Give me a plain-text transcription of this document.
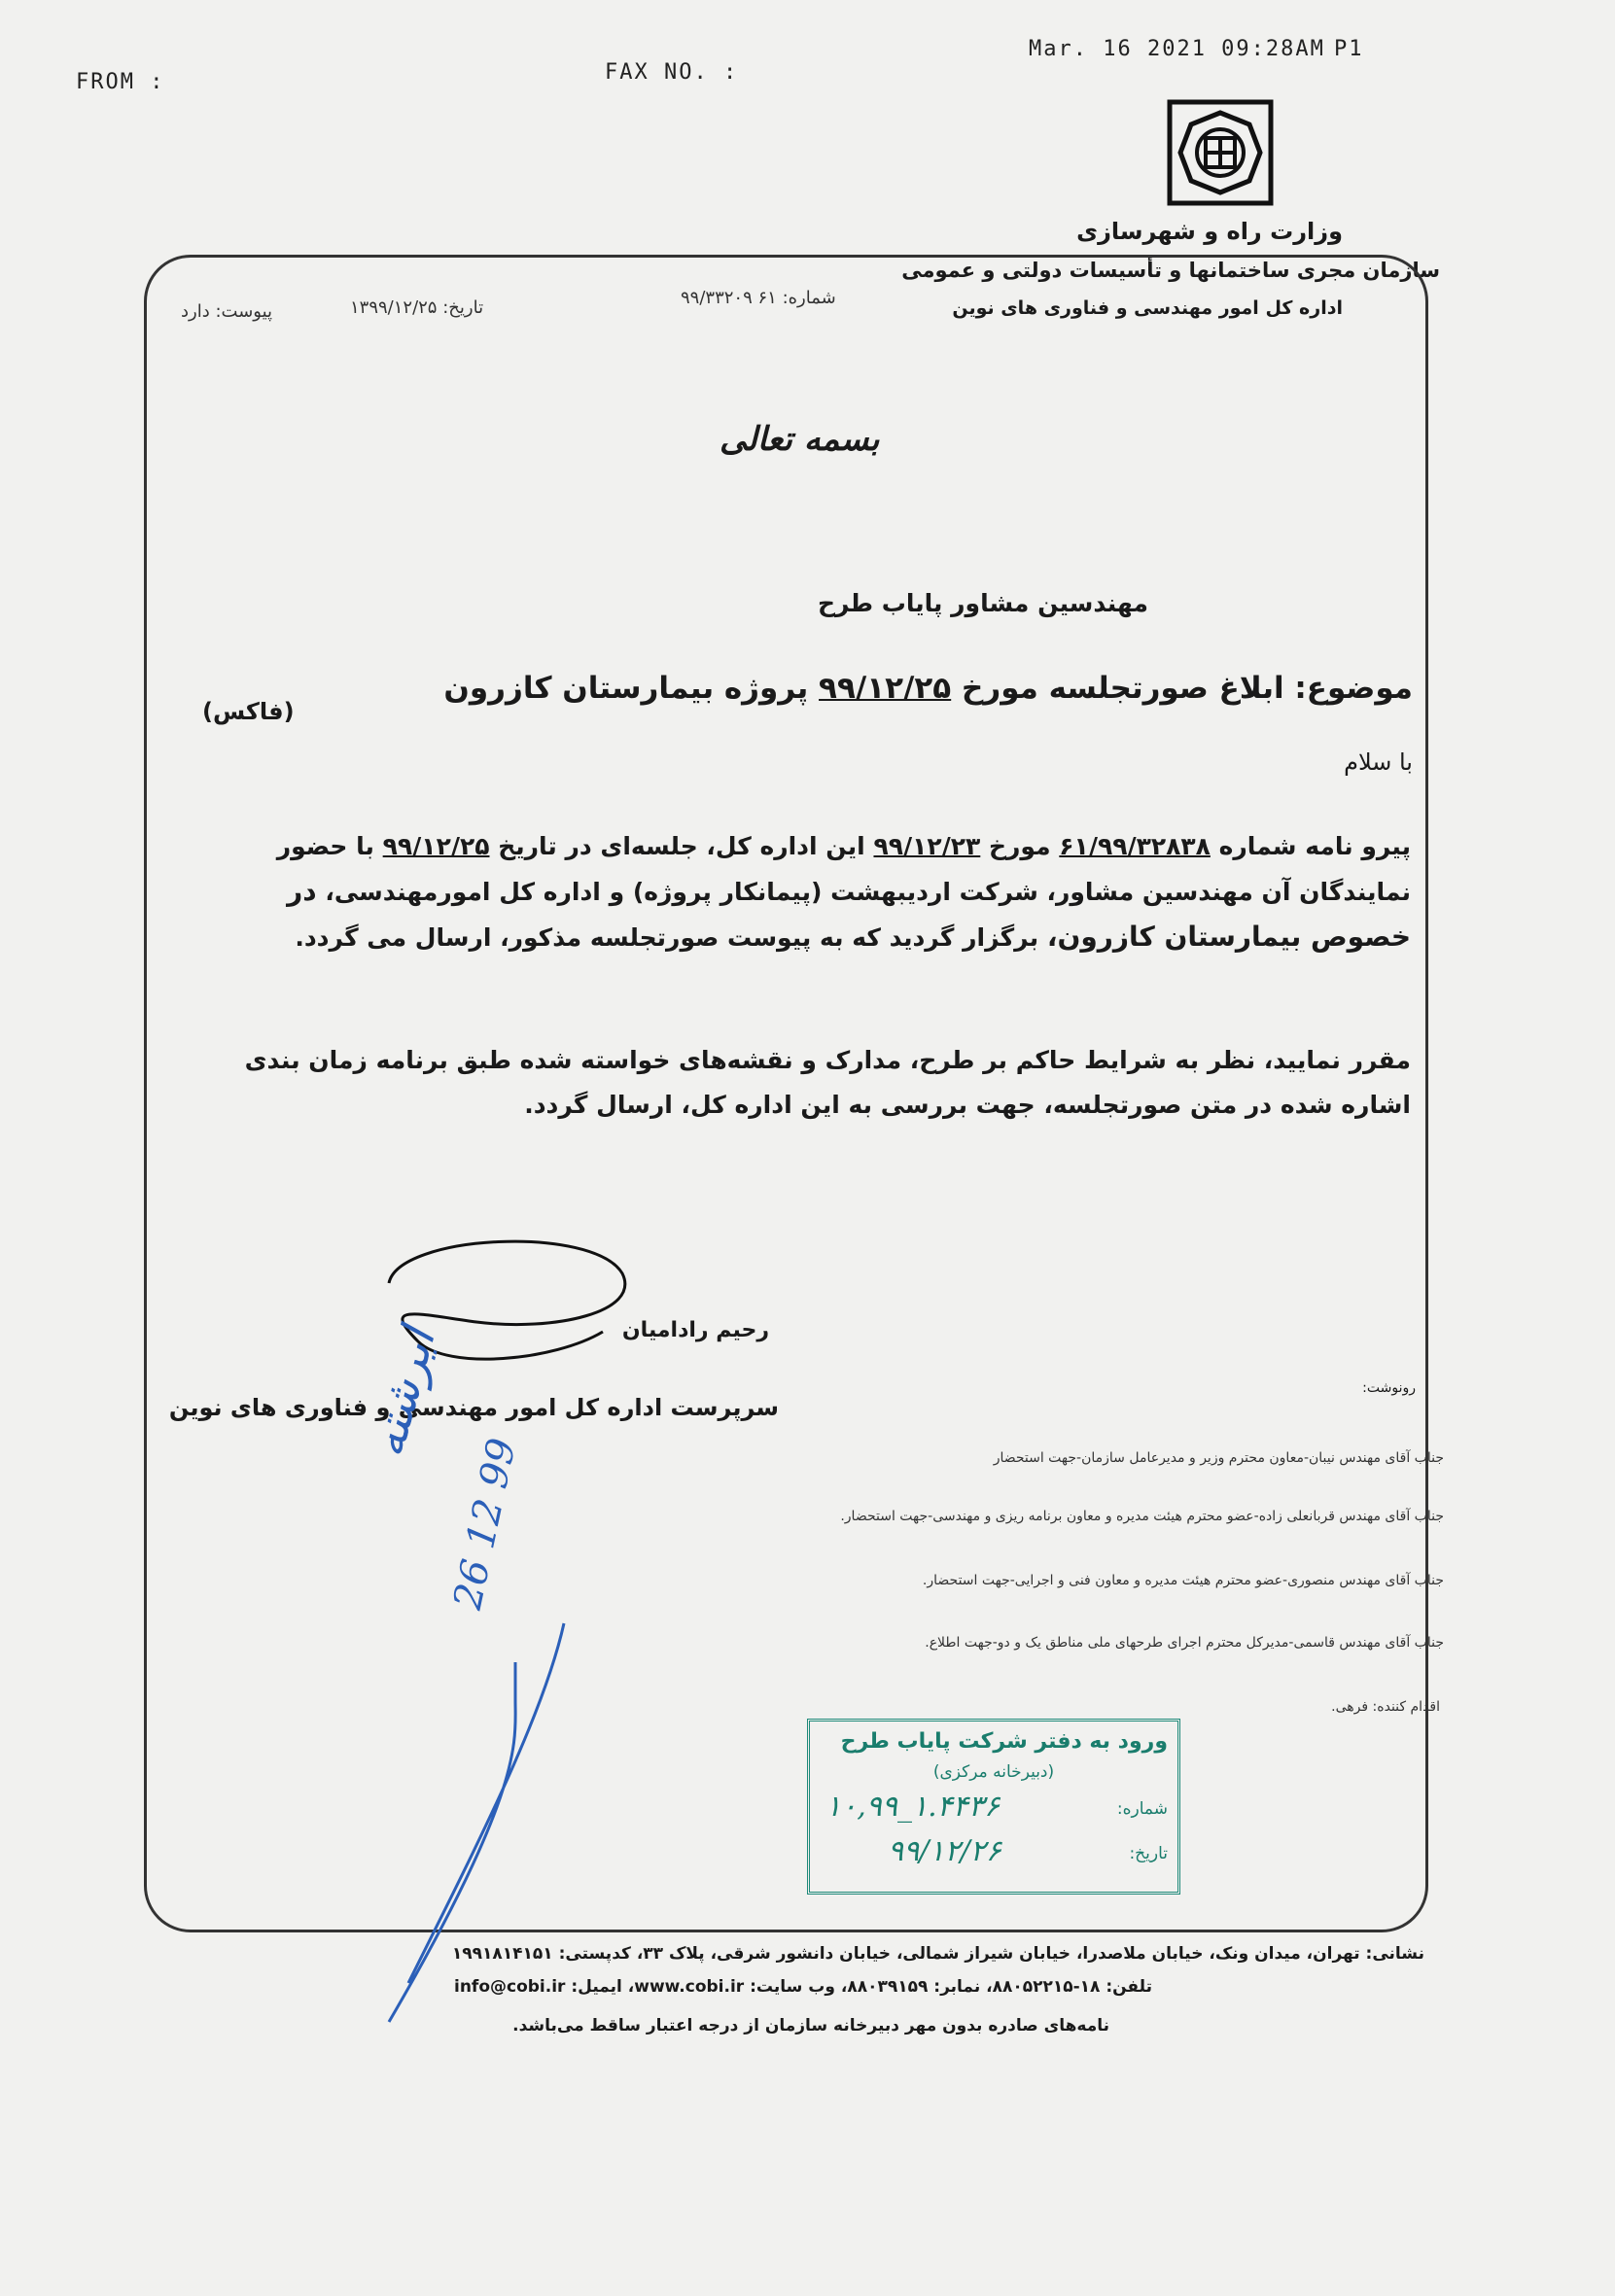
FROM :	FAX NO. :
Mar. 16 2021 09:28AM P1
وزارت راه و شهرسازی
سازمان مجری ساختمانها و تأسیسات دولتی و عمومی
اداره کل امور مهندسی و فناوری های نوین
شماره: ۶۱ ۹۹/۳۳۲۰۹
تاریخ: ۱۳۹۹/۱۲/۲۵
پیوست: دارد
بسمه تعالی
مهندسین مشاور پایاب طرح
موضوع: ابلاغ صورتجلسه مورخ ۹۹/۱۲/۲۵ پروژه بیمارستان کازرون
(فاکس)
با سلام
پیرو نامه شماره ۶۱/۹۹/۳۲۸۳۸ مورخ ۹۹/۱۲/۲۳ این اداره کل، جلسه‌ای در تاریخ ۹۹/۱۲/۲۵ با حضور نمایندگان آن مهندسین مشاور، شرکت اردیبهشت (پیمانکار پروژه) و اداره کل امورمهندسی، در خصوص بیمارستان کازرون، برگزار گردید که به پیوست صورتجلسه مذکور، ارسال می گردد.
مقرر نمایید، نظر به شرایط حاکم بر طرح، مدارک و نقشه‌های خواسته شده طبق برنامه زمان بندی اشاره شده در متن صورتجلسه، جهت بررسی به این اداره کل، ارسال گردد.
رحیم رادامیان
سرپرست اداره کل امور مهندسی و فناوری های نوین
رونوشت:
جناب آقای مهندس نیبان-معاون محترم وزیر و مدیرعامل سازمان-جهت استحضار
جناب آقای مهندس قربانعلی زاده-عضو محترم هیئت مدیره و معاون برنامه ریزی و مهندسی-جهت استحضار.
جناب آقای مهندس منصوری-عضو محترم هیئت مدیره و معاون فنی و اجرایی-جهت استحضار.
جناب آقای مهندس قاسمی-مدیرکل محترم اجرای طرحهای ملی مناطق یک و دو-جهت اطلاع.
اقدام کننده: فرهی.
ایرشته
26 12 99
ورود به دفتر شرکت پایاب طرح
(دبیرخانه مرکزی)
شماره:
۱۰,۹۹_۱.۴۴۳۶
تاریخ:
۹۹/۱۲/۲۶
نشانی: تهران، میدان ونک، خیابان ملاصدرا، خیابان شیراز شمالی، خیابان دانشور شرقی، پلاک ۳۳، کدپستی: ۱۹۹۱۸۱۴۱۵۱
تلفن: ۱۸-۸۸۰۵۲۲۱۵، نمابر: ۸۸۰۳۹۱۵۹، وب سایت: www.cobi.ir، ایمیل: info@cobi.ir
نامه‌های صادره بدون مهر دبیرخانه سازمان از درجه اعتبار ساقط می‌باشد.
